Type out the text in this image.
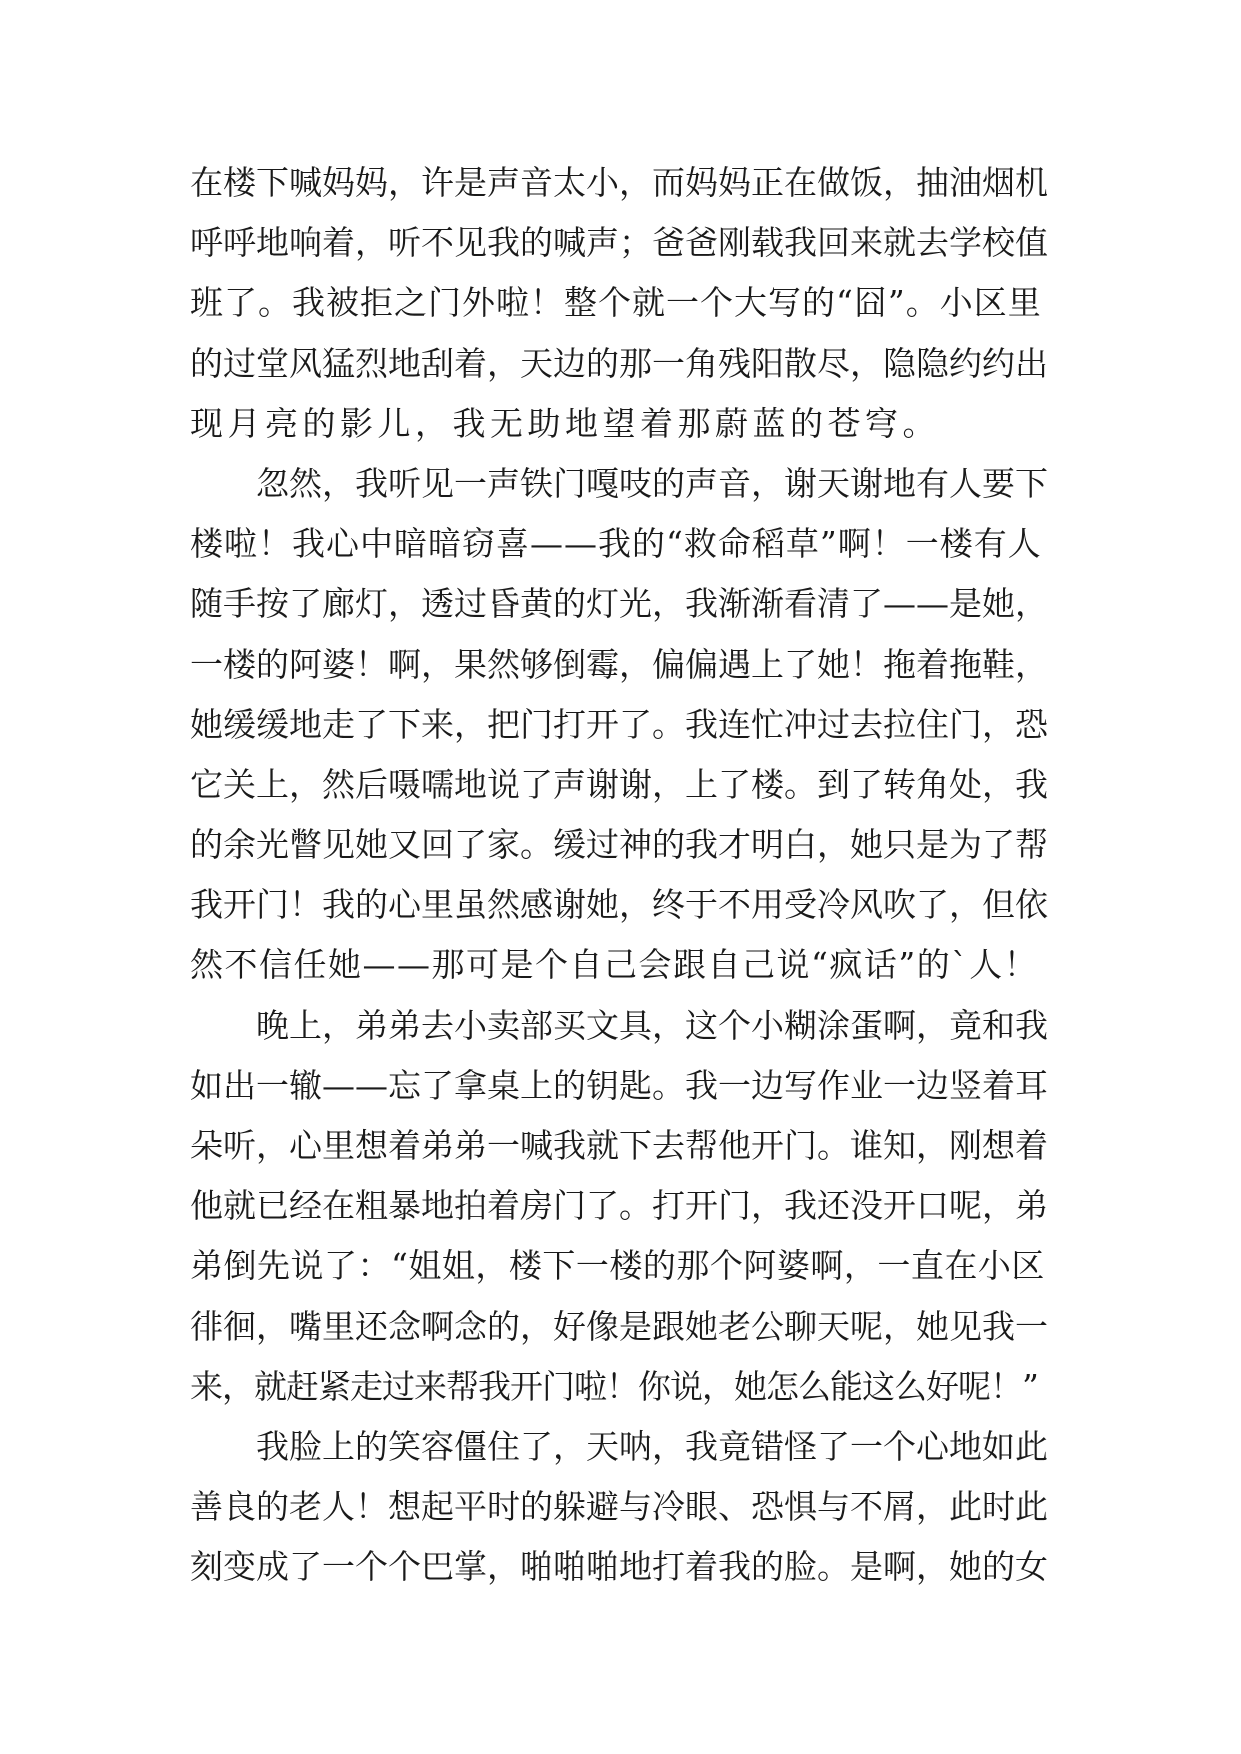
在楼下喊妈妈，许是声音太小，而妈妈正在做饭，抽油烟机
呼呼地响着，听不见我的喊声；爸爸刚载我回来就去学校值
班了。我被拒之门外啦！整个就一个大写的“囧”。小区里
的过堂风猛烈地刮着，天边的那一角残阳散尽，隐隐约约出
现月亮的影儿，我无助地望着那蔚蓝的苍穹。
忽然，我听见一声铁门嘎吱的声音，谢天谢地有人要下
楼啦！我心中暗暗窃喜——我的“救命稻草”啊！一楼有人
随手按了廊灯，透过昏黄的灯光，我渐渐看清了——是她，
一楼的阿婆！啊，果然够倒霉，偏偏遇上了她！拖着拖鞋，
她缓缓地走了下来，把门打开了。我连忙冲过去拉住门，恐
它关上，然后嗫嚅地说了声谢谢，上了楼。到了转角处，我
的余光瞥见她又回了家。缓过神的我才明白，她只是为了帮
我开门！我的心里虽然感谢她，终于不用受冷风吹了，但依
然不信任她——那可是个自己会跟自己说“疯话”的`人！
晚上，弟弟去小卖部买文具，这个小糊涂蛋啊，竟和我
如出一辙——忘了拿桌上的钥匙。我一边写作业一边竖着耳
朵听，心里想着弟弟一喊我就下去帮他开门。谁知，刚想着
他就已经在粗暴地拍着房门了。打开门，我还没开口呢，弟
弟倒先说了：“姐姐，楼下一楼的那个阿婆啊，一直在小区
徘徊，嘴里还念啊念的，好像是跟她老公聊天呢，她见我一
来，就赶紧走过来帮我开门啦！你说，她怎么能这么好呢！”
我脸上的笑容僵住了，天呐，我竟错怪了一个心地如此
善良的老人！想起平时的躲避与冷眼、恐惧与不屑，此时此
刻变成了一个个巴掌，啪啪啪地打着我的脸。是啊，她的女
